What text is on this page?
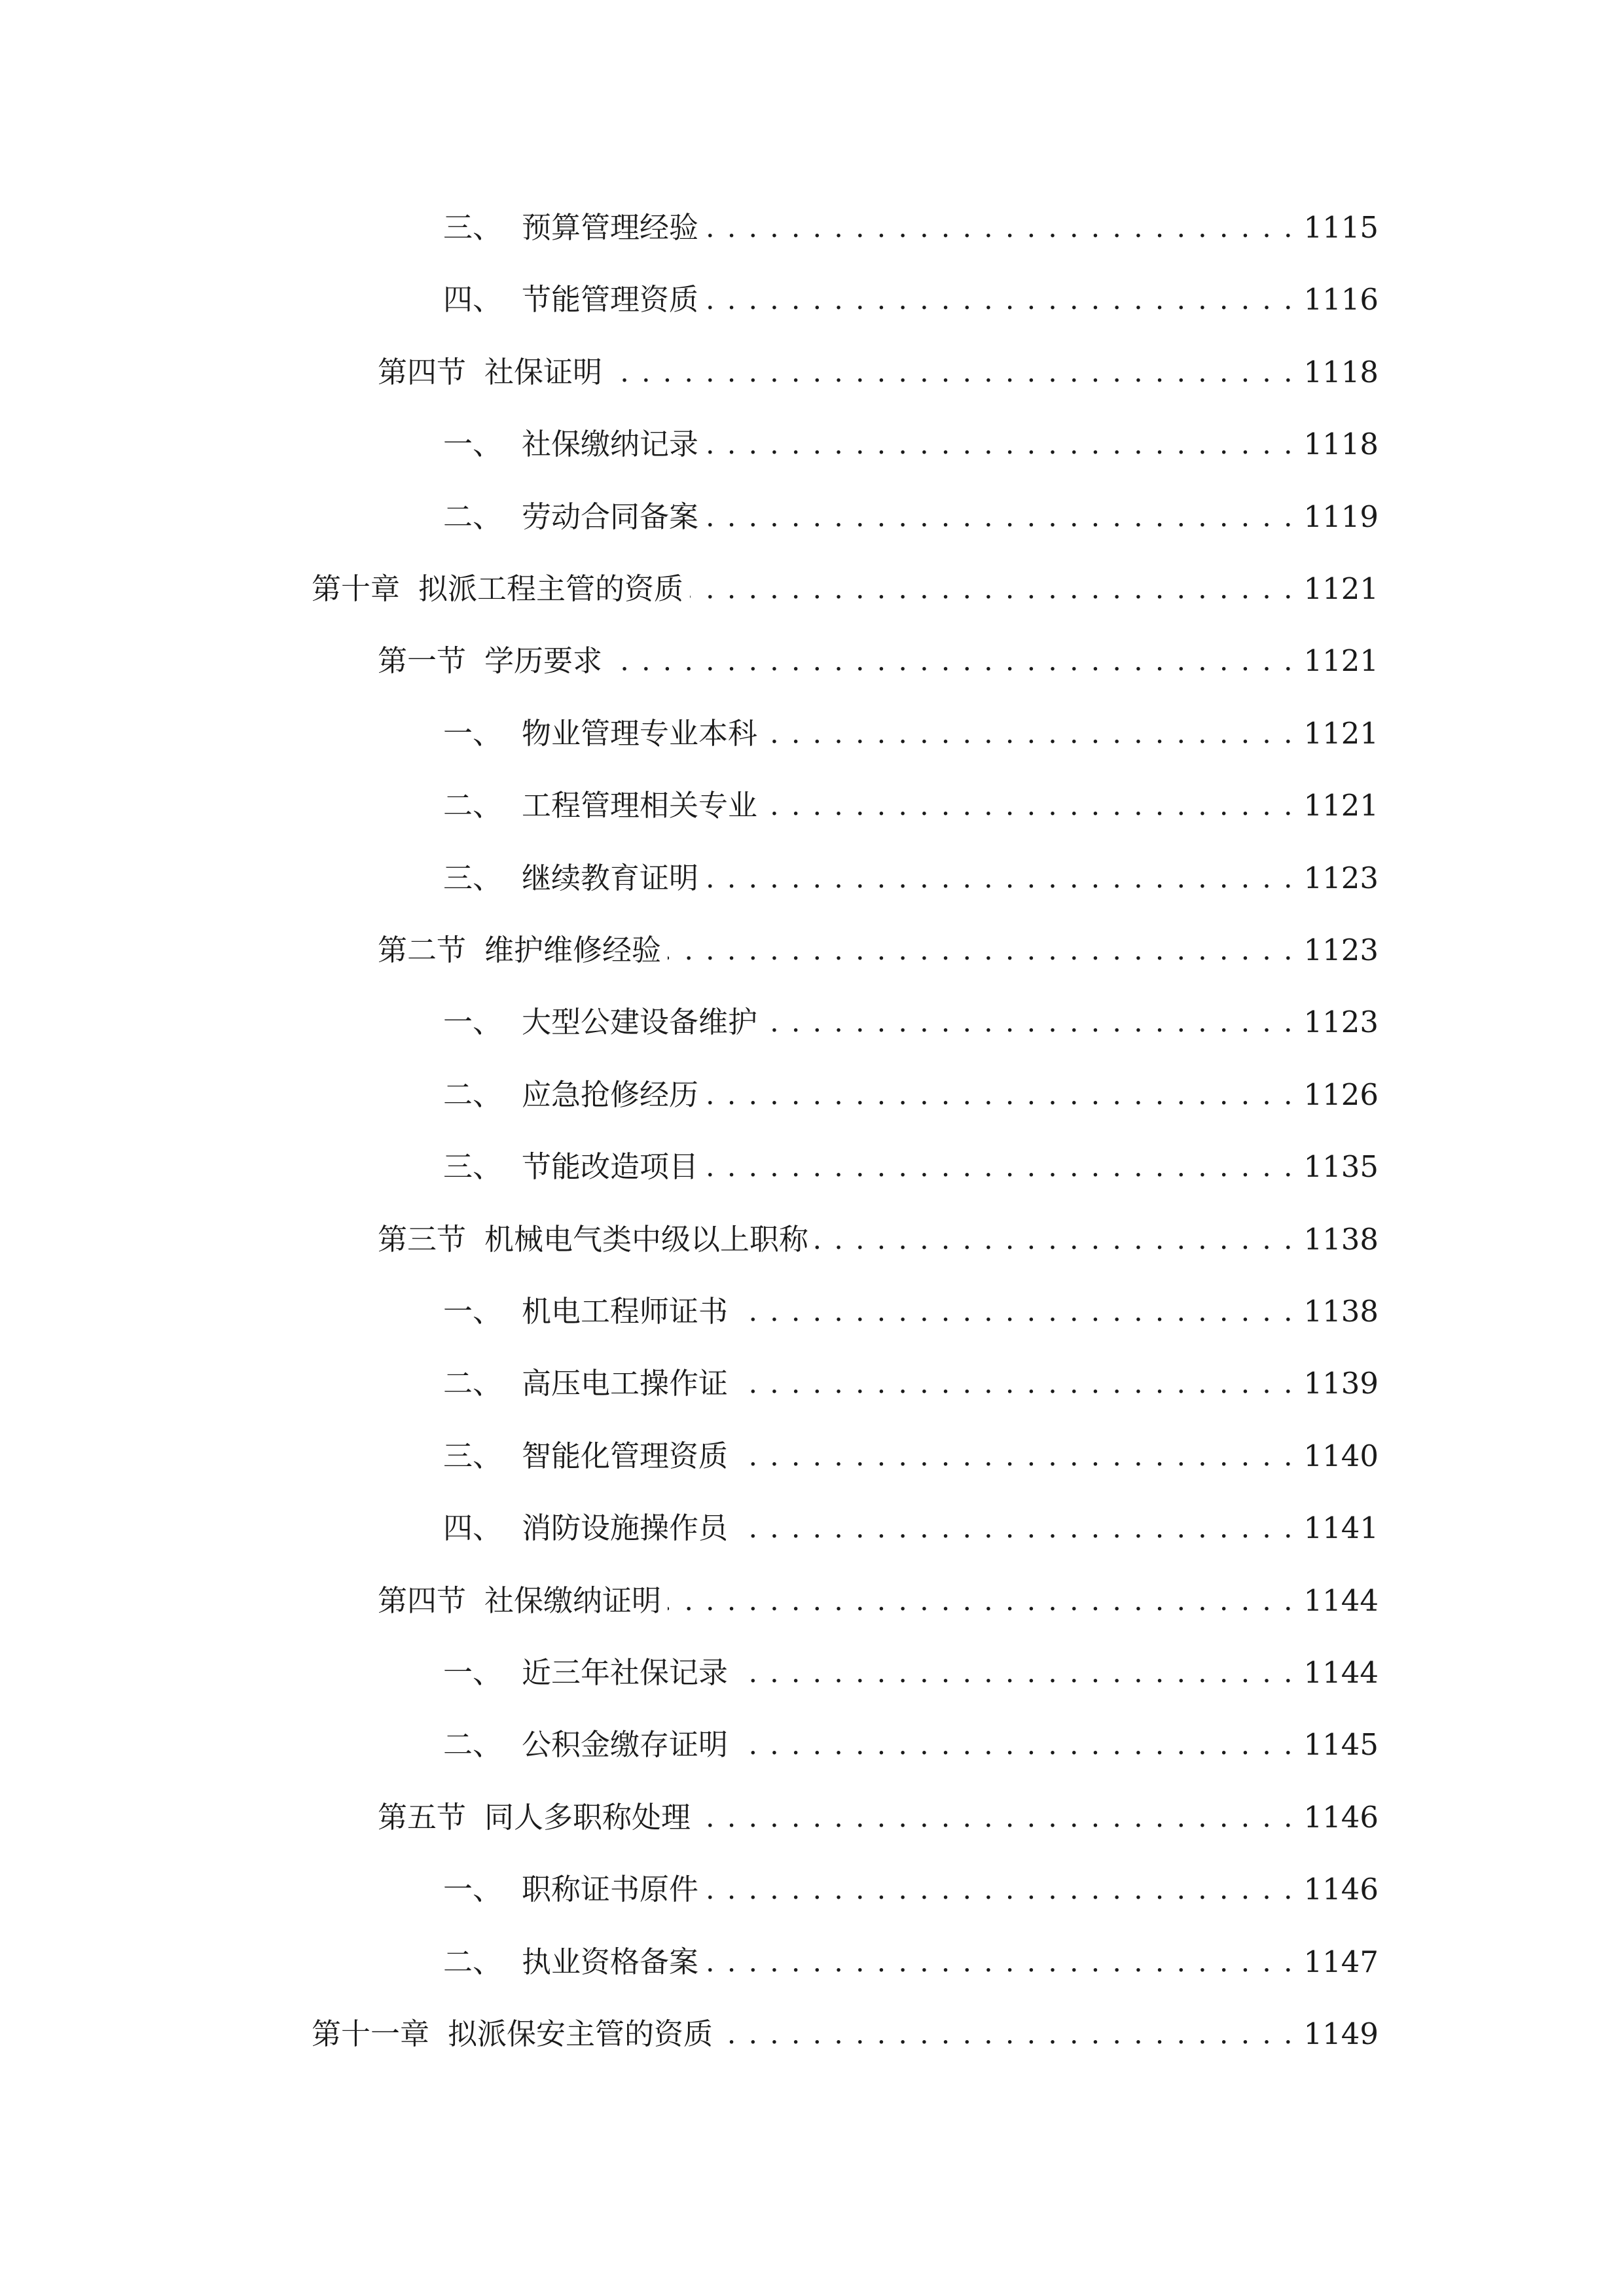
三、 预算管理经验 . . .	1115
四、 节能管理资质 . . .	1116
第四节 社保证明 . . .	1118
一、 社保缴纳记录 . . .	1118
二、 劳动合同备案 . . .	1119
第十章 拟派工程主管的资质 . . .	1121
第一节 学历要求 . . .	1121
一、 物业管理专业本科 . . .	1121
二、 工程管理相关专业 . . .	1121
三、 继续教育证明 . . .	1123
第二节 维护维修经验 . . .	1123
一、 大型公建设备维护 . . .	1123
二、 应急抢修经历 . . .	1126
三、 节能改造项目 . . .	1135
第三节 机械电气类中级以上职称 . . .	1138
一、 机电工程师证书 . . .	1138
二、 高压电工操作证 . . .	1139
三、 智能化管理资质 . . .	1140
四、 消防设施操作员 . . .	1141
第四节 社保缴纳证明 . . .	1144
一、 近三年社保记录 . . .	1144
二、 公积金缴存证明 . . .	1145
第五节 同人多职称处理 . . .	1146
一、 职称证书原件 . . .	1146
二、 执业资格备案 . . .	1147
第十一章 拟派保安主管的资质 . . .	1149
